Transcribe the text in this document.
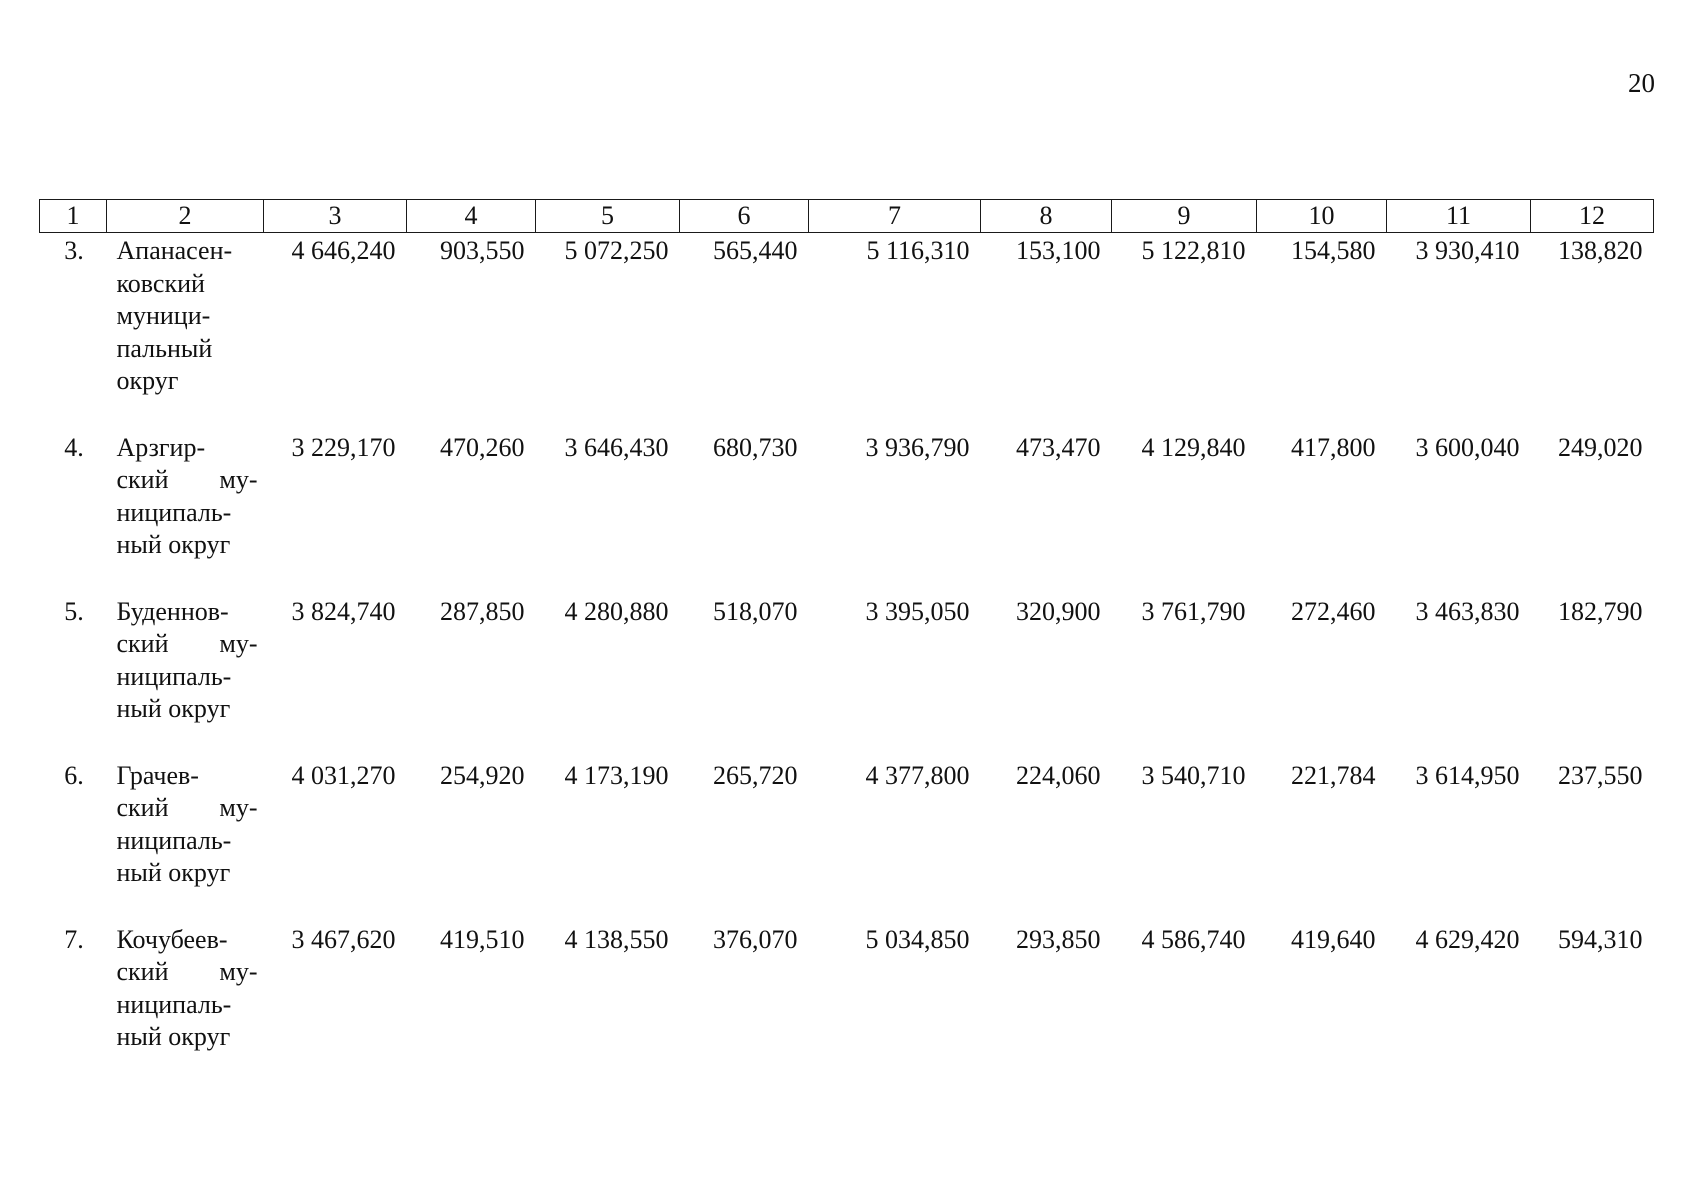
20
1	2	3	4	5	6	7	8	9	10	11	12
3.	Апанасен-
ковский
муници-
пальный
округ	4 646,240	903,550	5 072,250	565,440	5 116,310	153,100	5 122,810	154,580	3 930,410	138,820
4.	Арзгир-
ский му-
ниципаль-
ный округ	3 229,170	470,260	3 646,430	680,730	3 936,790	473,470	4 129,840	417,800	3 600,040	249,020
5.	Буденнов-
ский му-
ниципаль-
ный округ	3 824,740	287,850	4 280,880	518,070	3 395,050	320,900	3 761,790	272,460	3 463,830	182,790
6.	Грачев-
ский му-
ниципаль-
ный округ	4 031,270	254,920	4 173,190	265,720	4 377,800	224,060	3 540,710	221,784	3 614,950	237,550
7.	Кочубеев-
ский му-
ниципаль-
ный округ	3 467,620	419,510	4 138,550	376,070	5 034,850	293,850	4 586,740	419,640	4 629,420	594,310
